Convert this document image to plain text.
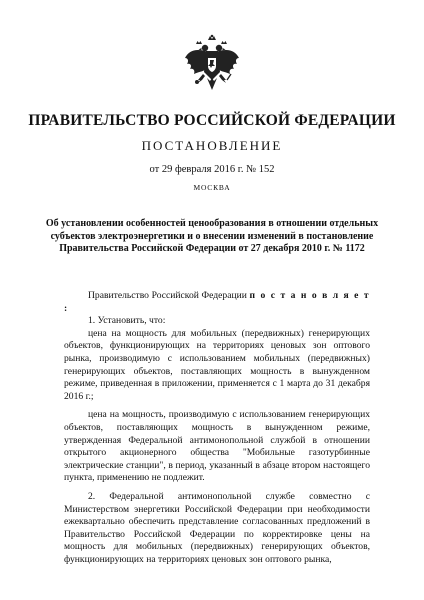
ПРАВИТЕЛЬСТВО РОССИЙСКОЙ ФЕДЕРАЦИИ
ПОСТАНОВЛЕНИЕ
от 29 февраля 2016 г. № 152
МОСКВА
Об установлении особенностей ценообразования в отношении отдельных субъектов электроэнергетики и о внесении изменений в постановление Правительства Российской Федерации от 27 декабря 2010 г. № 1172

Правительство Российской Федерации п о с т а н о в л я е т :

1. Установить, что:

цена на мощность для мобильных (передвижных) генерирующих объектов, функционирующих на территориях ценовых зон оптового рынка, производимую с использованием мобильных (передвижных) генерирующих объектов, поставляющих мощность в вынужденном режиме, приведенная в приложении, применяется с 1 марта до 31 декабря 2016 г.;

цена на мощность, производимую с использованием генерирующих объектов, поставляющих мощность в вынужденном режиме, утвержденная Федеральной антимонопольной службой в отношении открытого акционерного общества "Мобильные газотурбинные электрические станции", в период, указанный в абзаце втором настоящего пункта, применению не подлежит.

2. Федеральной антимонопольной службе совместно с Министерством энергетики Российской Федерации при необходимости ежеквартально обеспечить представление согласованных предложений в Правительство Российской Федерации по корректировке цены на мощность для мобильных (передвижных) генерирующих объектов, функционирующих на территориях ценовых зон оптового рынка,
